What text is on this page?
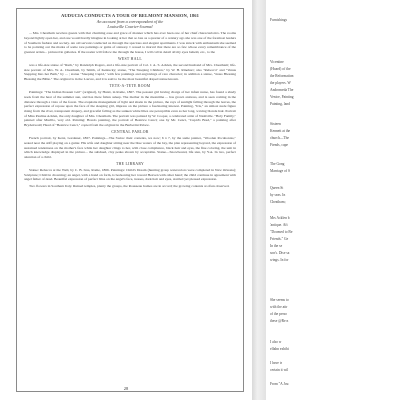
AUDUCIA CONDUCTS A TOUR OF BELMONT MANSION, 1861
An account from a correspondent of the
Louisville Courier-Journal

... Mrs. Cheatham receives guests with that charming ease and grace of manner which has ever been one of her chief characteristics. The rooms beyond lightly open her, and one would hardly imagine in looking at her that so late as a quarter of a century ago she was one of the foremost leaders of Southern fashion and society. An old servant conducted us through the spacious and elegant apartments. I was struck with enthusiasm she seemed to be pointing out the marks of some rare paintings or gems of statuary. I ceased to marvel that there are so few whose every remembrance of the greatest artists... pictured in galleries. If the reader will follow me through the house, I will call in detail all my eyes beheld, etc., to the

WEST HALL

was a life-size statue of "Ruth," by Randolph Rogers, and a life-size portrait of Col. J. A. S. Acklen, the second husband of Mrs. Cheatham; life-size portrait of Mrs. W. A. Cheatham, by Smith, of Kentucky; statue, "The Sleeping Children," by W. H. Rinehart; also "Rebecca" and "Venus Stepping Into her Bath," by ... ; statue "Sleeping Cupid," with few paintings and engravings of rare character; in addition a statue, "Jesus Blessing Blessing the Bible." The original is in the Louvre, and it is said to be the most beautiful draped statue known.

TETE-A-TETE ROOM

Paintings: "The Indian Peasant Girl" (original), by Huntt, in Rome, 1867. The peasant girl having charge of her infant nurse, has found a shady nook from the heat of the summer sun, and has there fallen asleep. The mother in the meantime ... has grown anxious, and is seen coming in the distance through a vista of the forest. The exquisite management of light and shade in the picture, the rays of sunlight falling through the leaves, the perfect expression of repose upon the face of the sleeping girl, impress on the picture a fascinating interest. Painting, "Iris," an almost nude figure rising from the river, transparent drapery, and graceful falling as the sunken white lilies are perceptible even as her long, waving blonde hair. Portrait of Miss Pauline Acklen, the only daughter of Mrs. Cheatham. The portrait was painted by W. Cooper, a celebrated artist of Nashville. "Holy Family," painted after Murillo, very old. Painting: Hondo painting, the portrait of Beatrice Cenci; one by Mr. Cenci, "Cupid's Bred," a painting after Brydenwald; Head of "Beatrice Cenci," copied from the original in the Barberini Palace.

CENTRAL PARLOR

French portrait, by Kerst, Gardener, 1867. Paintings—The Swiss: their contents, we now; 6 x 7, by the same painter, "Wooden Pocahontas," seated near the stiff playing on a guitar. His wife and daughter sitting near the blue waters of the bay, the plan representing beyond, the expression of sustained tenderness on the mother's face while her daughter clings to her, with close compliance, black hair and eyes, the fine coloring, the unit in which knowledge displayed in the picture... the subdued, clay peaks shown by acceptable. Statue—Snowbound, life size, by Y.A. In two, perfect attention of a child.

THE LIBRARY

Statue: Rebecca at the Well, by C. B. Ives, Rome, 1866. Paintings: Child's Dream (hunting group watercolors were completed in New Orleans); Sculpture; Child in drowning; an angel, with a hand on form, is beckoning her toward Heaven with other hand; the child continue in agreement with angel father of dead. Beautiful expression of perfect bliss on the angel's face, tresses, dark hair and eyes, startled yet pleased expression.

Two flowers in Southern Italy. Ruined temples, plenty the groups, the Rousseau homes are in accord; the growing contents at often observed.

28
Furnishings
Vicentine
(Hoard) of the
the Reformation
the players. W
Andromeda The
Venice, Painting
Painting, land
Sixteen
Kennett at the
church—The
Fiends, cape
The Gong
Marriage of S
Queen St
by seas. In
Cheatham;
Mrs Acklen b
'antique. Aft
"Doomed to Be
Friends." Ge
In the se
son's. Dise sa
wings. In for
She seems to
with the attr
of the perso
these @Re n
I also w
elfahn exhibi
I have tr
certain it wil
From "A Jou
